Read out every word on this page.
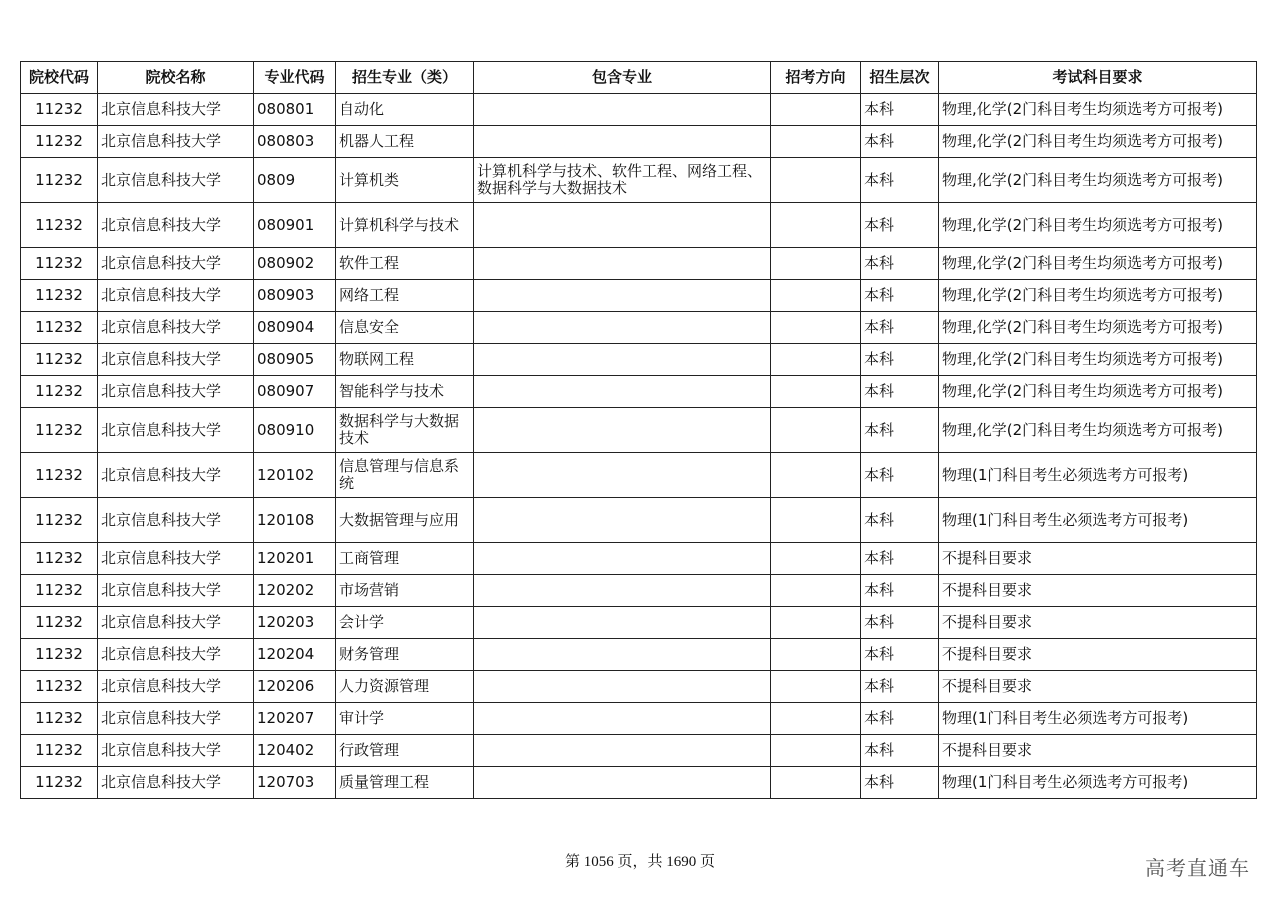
院校代码	院校名称	专业代码	招生专业（类）	包含专业	招考方向	招生层次	考试科目要求
11232	北京信息科技大学	080801	自动化			本科	物理,化学(2门科目考生均须选考方可报考)
11232	北京信息科技大学	080803	机器人工程			本科	物理,化学(2门科目考生均须选考方可报考)
11232	北京信息科技大学	0809	计算机类	计算机科学与技术、软件工程、网络工程、数据科学与大数据技术		本科	物理,化学(2门科目考生均须选考方可报考)
11232	北京信息科技大学	080901	计算机科学与技术			本科	物理,化学(2门科目考生均须选考方可报考)
11232	北京信息科技大学	080902	软件工程			本科	物理,化学(2门科目考生均须选考方可报考)
11232	北京信息科技大学	080903	网络工程			本科	物理,化学(2门科目考生均须选考方可报考)
11232	北京信息科技大学	080904	信息安全			本科	物理,化学(2门科目考生均须选考方可报考)
11232	北京信息科技大学	080905	物联网工程			本科	物理,化学(2门科目考生均须选考方可报考)
11232	北京信息科技大学	080907	智能科学与技术			本科	物理,化学(2门科目考生均须选考方可报考)
11232	北京信息科技大学	080910	数据科学与大数据技术			本科	物理,化学(2门科目考生均须选考方可报考)
11232	北京信息科技大学	120102	信息管理与信息系统			本科	物理(1门科目考生必须选考方可报考)
11232	北京信息科技大学	120108	大数据管理与应用			本科	物理(1门科目考生必须选考方可报考)
11232	北京信息科技大学	120201	工商管理			本科	不提科目要求
11232	北京信息科技大学	120202	市场营销			本科	不提科目要求
11232	北京信息科技大学	120203	会计学			本科	不提科目要求
11232	北京信息科技大学	120204	财务管理			本科	不提科目要求
11232	北京信息科技大学	120206	人力资源管理			本科	不提科目要求
11232	北京信息科技大学	120207	审计学			本科	物理(1门科目考生必须选考方可报考)
11232	北京信息科技大学	120402	行政管理			本科	不提科目要求
11232	北京信息科技大学	120703	质量管理工程			本科	物理(1门科目考生必须选考方可报考)
第 1056 页，共 1690 页	高考直通车
